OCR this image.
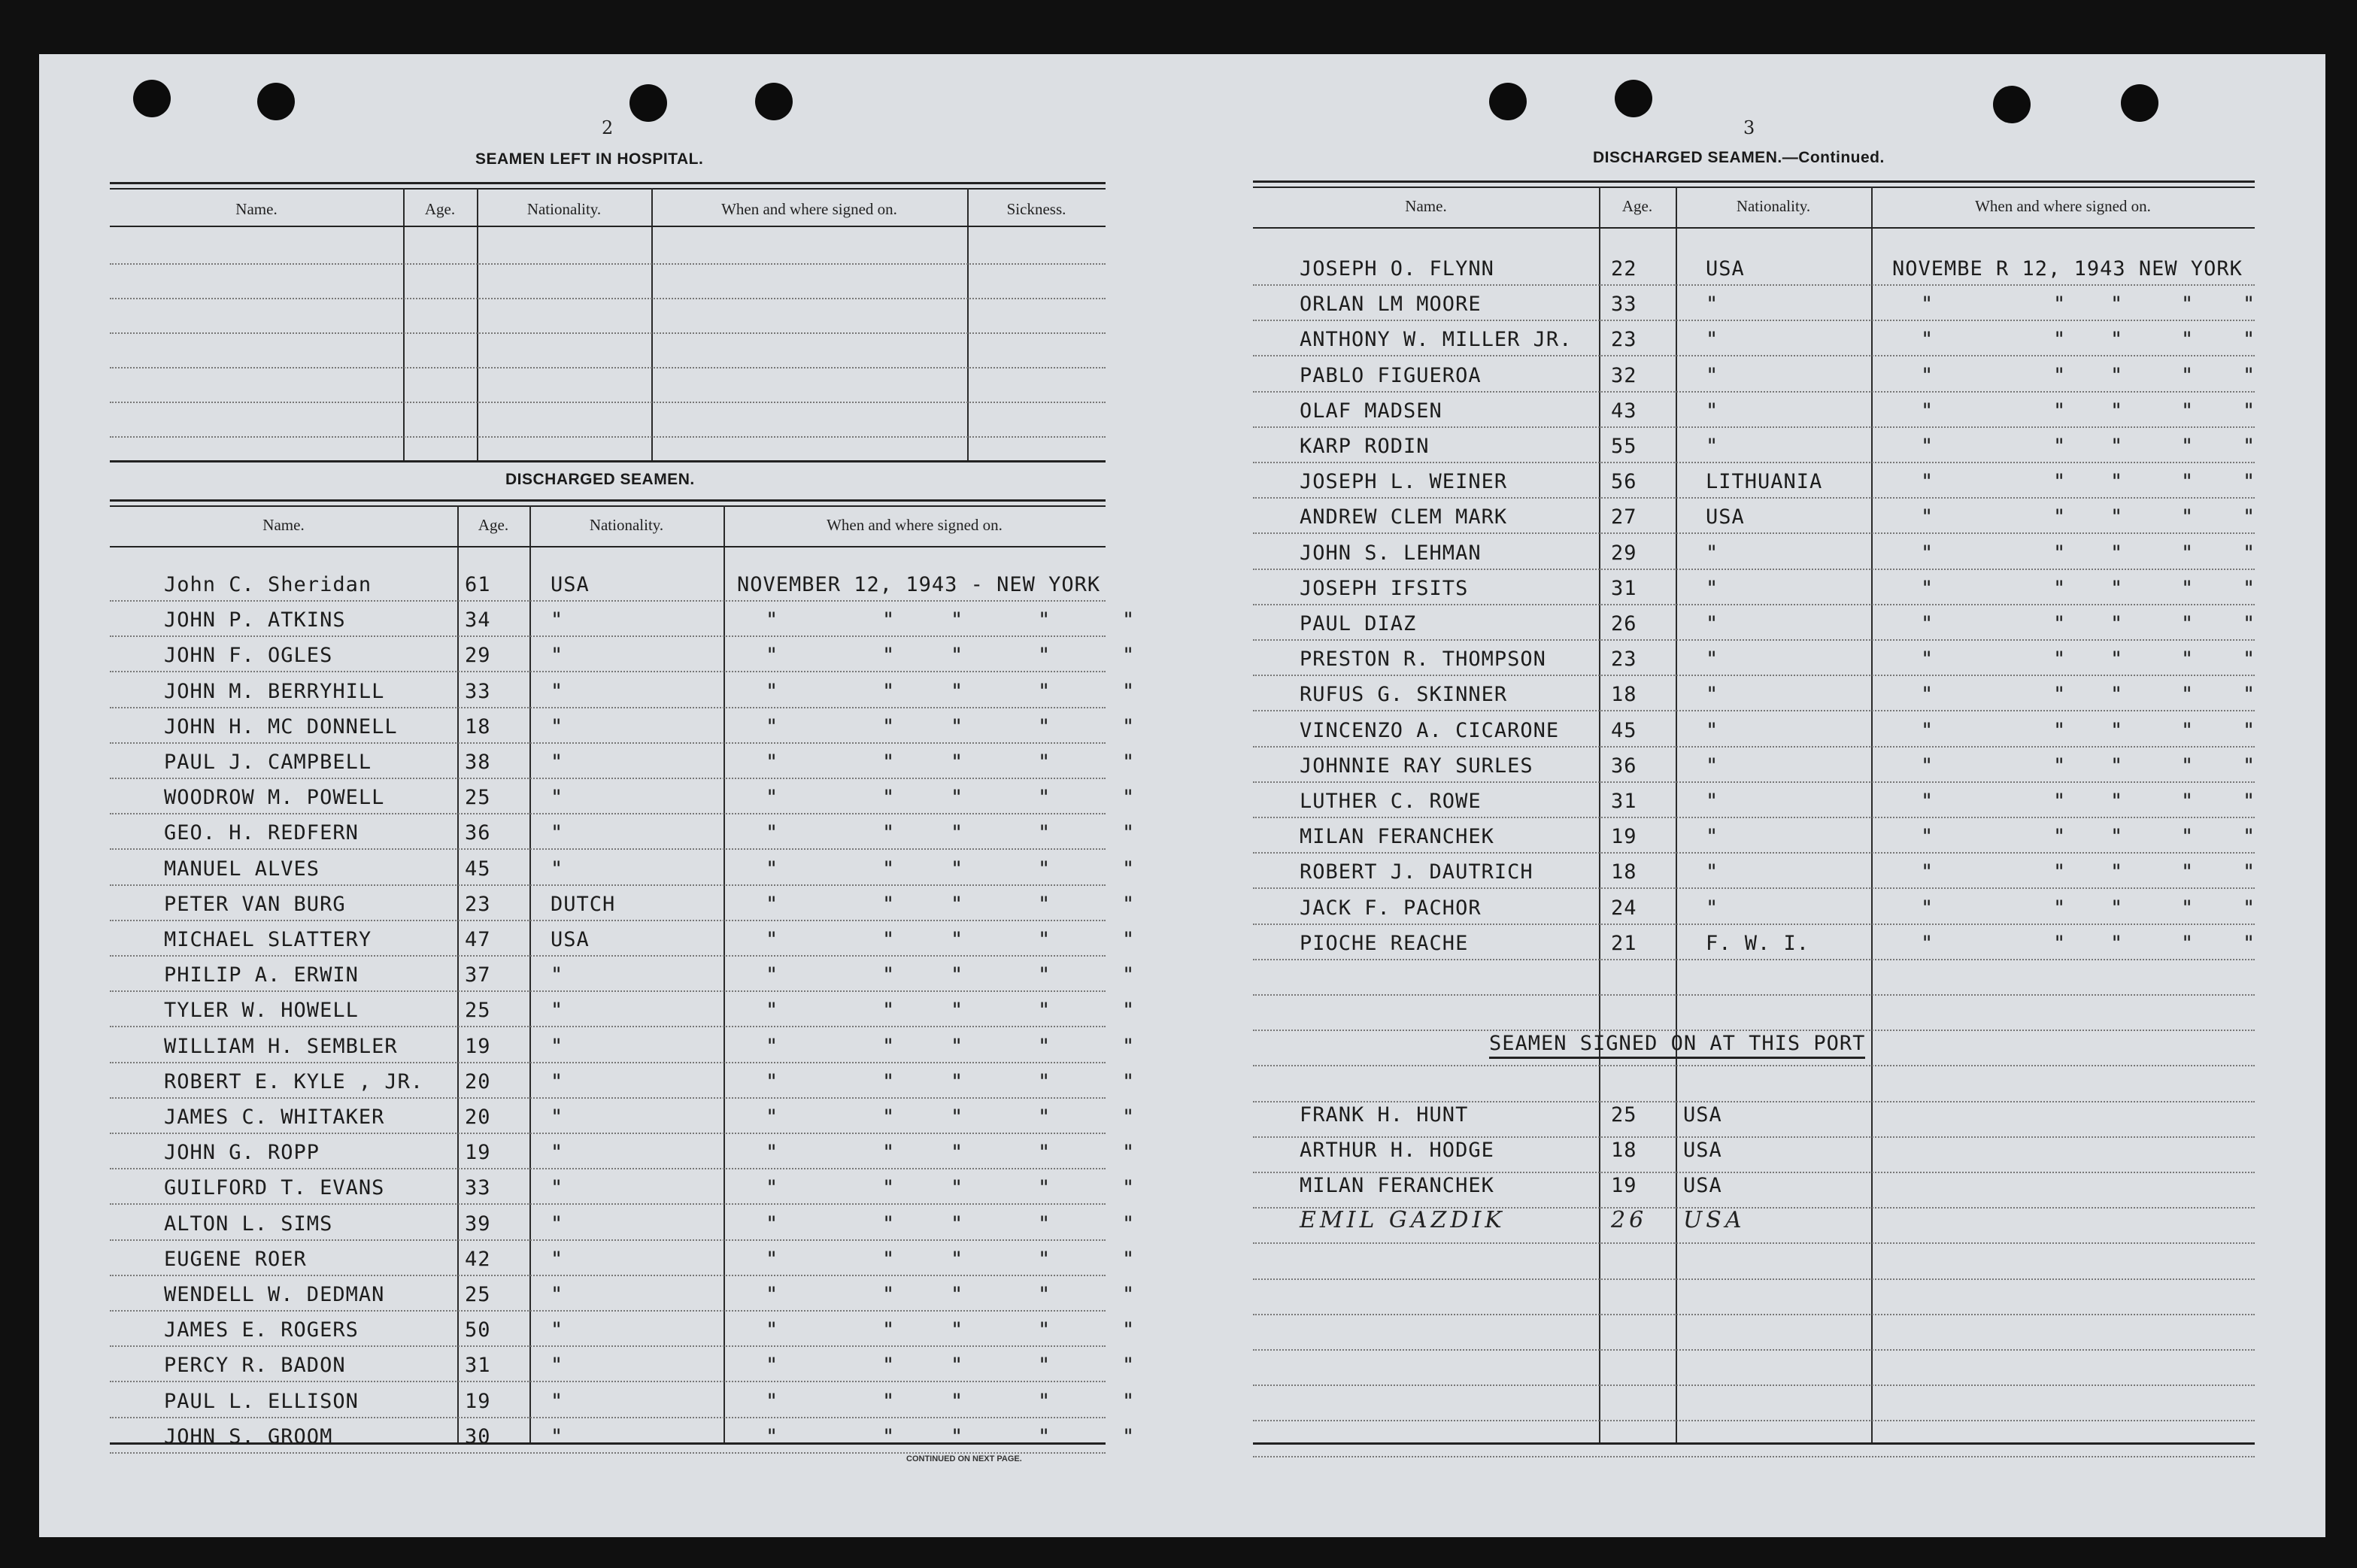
2
SEAMEN LEFT IN HOSPITAL.
Name.	Age.	Nationality.	When and where signed on.	Sickness.
DISCHARGED SEAMEN.
Name.	Age.	Nationality.	When and where signed on.
John C. Sheridan	61	USA	NOVEMBER 12, 1943 - NEW YORK
JOHN P. ATKINS	34	"	"	"	"	"	"
JOHN F. OGLES	29	"	"	"	"	"	"
JOHN M. BERRYHILL	33	"	"	"	"	"	"
JOHN H. MC DONNELL	18	"	"	"	"	"	"
PAUL J. CAMPBELL	38	"	"	"	"	"	"
WOODROW M. POWELL	25	"	"	"	"	"	"
GEO. H. REDFERN	36	"	"	"	"	"	"
MANUEL ALVES	45	"	"	"	"	"	"
PETER VAN BURG	23	DUTCH	"	"	"	"	"
MICHAEL SLATTERY	47	USA	"	"	"	"	"
PHILIP A. ERWIN	37	"	"	"	"	"	"
TYLER W. HOWELL	25	"	"	"	"	"	"
WILLIAM H. SEMBLER	19	"	"	"	"	"	"
ROBERT E. KYLE , JR. 20	"	"	"	"	"	"
JAMES C. WHITAKER	20	"	"	"	"	"	"
JOHN G. ROPP	19	"	"	"	"	"	"
GUILFORD T. EVANS	33	"	"	"	"	"	"
ALTON L. SIMS	39	"	"	"	"	"	"
EUGENE ROER	42	"	"	"	"	"	"
WENDELL W. DEDMAN	25	"	"	"	"	"	"
JAMES E. ROGERS	50	"	"	"	"	"	"
PERCY R. BADON	31	"	"	"	"	"	"
PAUL L. ELLISON	19	"	"	"	"	"	"
JOHN S. GROOM	30	"	"	"	"	"	"
CONTINUED ON NEXT PAGE.
3
DISCHARGED SEAMEN.—Continued.
Name.	Age.	Nationality.	When and where signed on.
JOSEPH O. FLYNN	22	USA	NOVEMBE R 12, 1943 NEW YORK
ORLAN LM MOORE	33	"	"	" "	" "
ANTHONY W. MILLER JR. 23	"	"	" "	" "
PABLO FIGUEROA	32	"	"	" "	" "
OLAF MADSEN	43	"	"	" "	" "
KARP RODIN	55	"	"	" "	" "
JOSEPH L. WEINER	56	LITHUANIA	"	" "	" "
ANDREW CLEM MARK	27	USA	"	" "	" "
JOHN S. LEHMAN	29	"	"	" "	" "
JOSEPH IFSITS	31	"	"	" "	" "
PAUL DIAZ	26	"	"	" "	" "
PRESTON R. THOMPSON	23	"	"	" "	" "
RUFUS G. SKINNER	18	"	"	" "	" "
VINCENZO A. CICARONE	45	"	"	" "	" "
JOHNNIE RAY SURLES	36	"	"	" "	" "
LUTHER C. ROWE	31	"	"	" "	" "
MILAN FERANCHEK	19	"	"	" "	" "
ROBERT J. DAUTRICH	18	"	"	" "	" "
JACK F. PACHOR	24	"	"	" "	" "
PIOCHE REACHE	21	F. W. I.	"	" "	" "
SEAMEN SIGNED ON AT THIS PORT
FRANK H. HUNT	25 USA
ARTHUR H. HODGE	18 USA
MILAN FERANCHEK	19 USA
EMIL GAZDIK	26 USA
